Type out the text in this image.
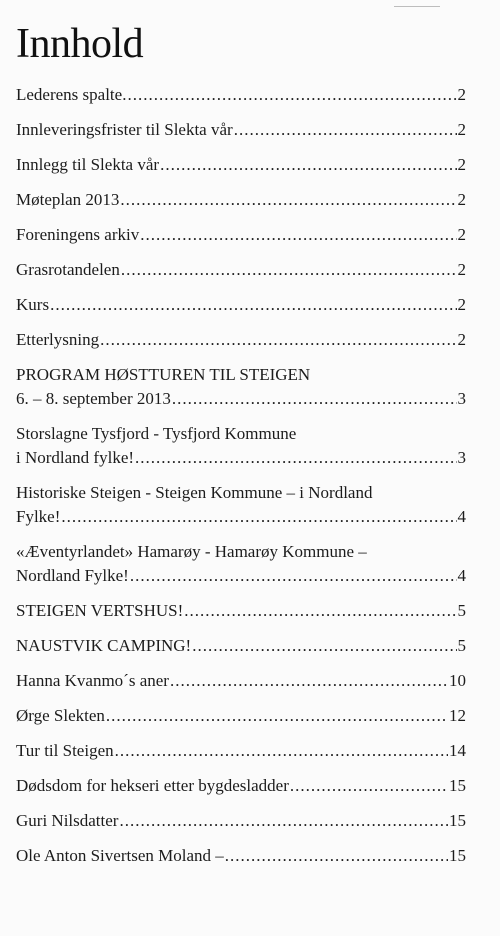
Innhold
Lederens spalte. .....	2
Innleveringsfrister til Slekta vår .....	2
Innlegg til Slekta vår .....	2
Møteplan 2013 .....	2
Foreningens arkiv .....	2
Grasrotandelen .....	2
Kurs .....	2
Etterlysning .....	2
PROGRAM HØSTTUREN TIL STEIGEN
6. – 8. september 2013 .....	3
Storslagne Tysfjord - Tysfjord Kommune
i Nordland fylke! .....	3
Historiske Steigen - Steigen Kommune – i Nordland
Fylke! .....	4
«Æventyrlandet» Hamarøy - Hamarøy Kommune –
Nordland Fylke! .....	4
STEIGEN VERTSHUS! .....	5
NAUSTVIK CAMPING! .....	5
Hanna Kvanmo´s aner .....	10
Ørge Slekten .....	12
Tur til Steigen .....	14
Dødsdom for hekseri etter bygdesladder .....	15
Guri Nilsdatter .....	15
Ole Anton Sivertsen Moland – .....	15
